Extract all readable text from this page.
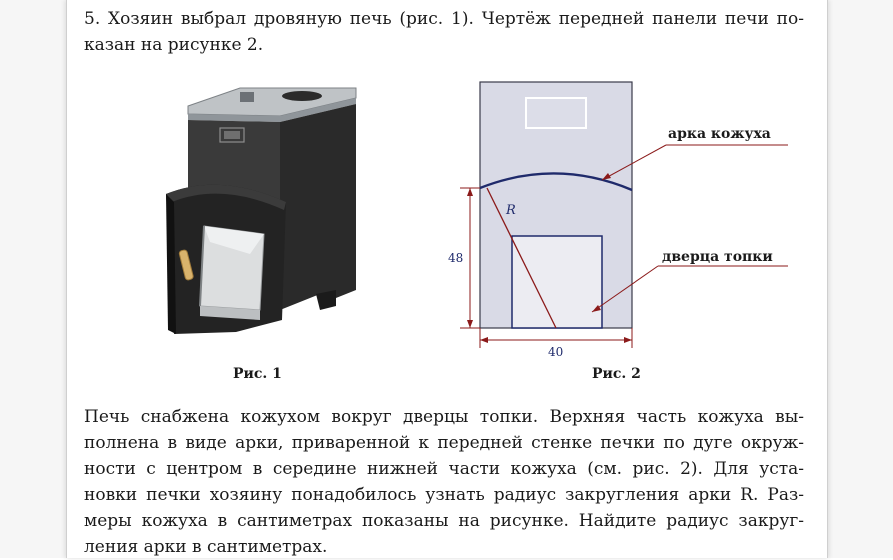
5. Хозяин выбрал дровяную печь (рис. 1). Чертёж передней панели печи по-
казан на рисунке 2.

R
48
40
арка кожуха
дверца топки
Рис. 1	Рис. 2

Печь снабжена кожухом вокруг дверцы топки. Верхняя часть кожуха вы-
полнена в виде арки, приваренной к передней стенке печки по дуге окруж-
ности с центром в середине нижней части кожуха (см. рис. 2). Для уста-
новки печки хозяину понадобилось узнать радиус закругления арки R. Раз-
меры кожуха в сантиметрах показаны на рисунке. Найдите радиус закруг-
ления арки в сантиметрах.
